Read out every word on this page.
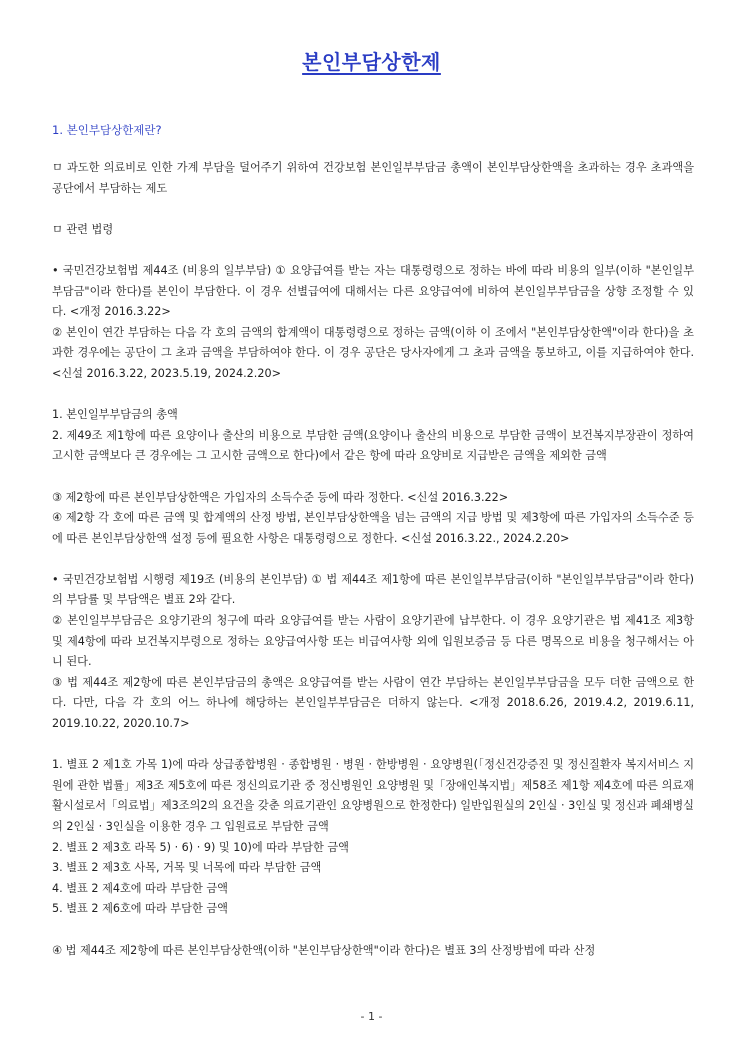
본인부담상한제
1. 본인부담상한제란?

ㅁ 과도한 의료비로 인한 가계 부담을 덜어주기 위하여 건강보험 본인일부부담금 총액이 본인부담상한액을 초과하는 경우 초과액을 공단에서 부담하는 제도

ㅁ 관련 법령

• 국민건강보험법 제44조 (비용의 일부부담) ① 요양급여를 받는 자는 대통령령으로 정하는 바에 따라 비용의 일부(이하 "본인일부부담금"이라 한다)를 본인이 부담한다. 이 경우 선별급여에 대해서는 다른 요양급여에 비하여 본인일부부담금을 상향 조정할 수 있다. <개정 2016.3.22>

② 본인이 연간 부담하는 다음 각 호의 금액의 합계액이 대통령령으로 정하는 금액(이하 이 조에서 "본인부담상한액"이라 한다)을 초과한 경우에는 공단이 그 초과 금액을 부담하여야 한다. 이 경우 공단은 당사자에게 그 초과 금액을 통보하고, 이를 지급하여야 한다. <신설 2016.3.22, 2023.5.19, 2024.2.20>

1. 본인일부부담금의 총액

2. 제49조 제1항에 따른 요양이나 출산의 비용으로 부담한 금액(요양이나 출산의 비용으로 부담한 금액이 보건복지부장관이 정하여 고시한 금액보다 큰 경우에는 그 고시한 금액으로 한다)에서 같은 항에 따라 요양비로 지급받은 금액을 제외한 금액

③ 제2항에 따른 본인부담상한액은 가입자의 소득수준 등에 따라 정한다. <신설 2016.3.22>

④ 제2항 각 호에 따른 금액 및 합계액의 산정 방법, 본인부담상한액을 넘는 금액의 지급 방법 및 제3항에 따른 가입자의 소득수준 등에 따른 본인부담상한액 설정 등에 필요한 사항은 대통령령으로 정한다. <신설 2016.3.22., 2024.2.20>

• 국민건강보험법 시행령 제19조 (비용의 본인부담) ① 법 제44조 제1항에 따른 본인일부부담금(이하 "본인일부부담금"이라 한다)의 부담률 및 부담액은 별표 2와 같다.

② 본인일부부담금은 요양기관의 청구에 따라 요양급여를 받는 사람이 요양기관에 납부한다. 이 경우 요양기관은 법 제41조 제3항 및 제4항에 따라 보건복지부령으로 정하는 요양급여사항 또는 비급여사항 외에 입원보증금 등 다른 명목으로 비용을 청구해서는 아니 된다.

③ 법 제44조 제2항에 따른 본인부담금의 총액은 요양급여를 받는 사람이 연간 부담하는 본인일부부담금을 모두 더한 금액으로 한다. 다만, 다음 각 호의 어느 하나에 해당하는 본인일부부담금은 더하지 않는다. <개정 2018.6.26, 2019.4.2, 2019.6.11, 2019.10.22, 2020.10.7>

1. 별표 2 제1호 가목 1)에 따라 상급종합병원 · 종합병원 · 병원 · 한방병원 · 요양병원(「정신건강증진 및 정신질환자 복지서비스 지원에 관한 법률」제3조 제5호에 따른 정신의료기관 중 정신병원인 요양병원 및「장애인복지법」제58조 제1항 제4호에 따른 의료재활시설로서「의료법」제3조의2의 요건을 갖춘 의료기관인 요양병원으로 한정한다) 일반입원실의 2인실 · 3인실 및 정신과 폐쇄병실의 2인실 · 3인실을 이용한 경우 그 입원료로 부담한 금액

2. 별표 2 제3호 라목 5) · 6) · 9) 및 10)에 따라 부담한 금액

3. 별표 2 제3호 사목, 거목 및 너목에 따라 부담한 금액

4. 별표 2 제4호에 따라 부담한 금액

5. 별표 2 제6호에 따라 부담한 금액

④ 법 제44조 제2항에 따른 본인부담상한액(이하 "본인부담상한액"이라 한다)은 별표 3의 산정방법에 따라 산정

- 1 -
